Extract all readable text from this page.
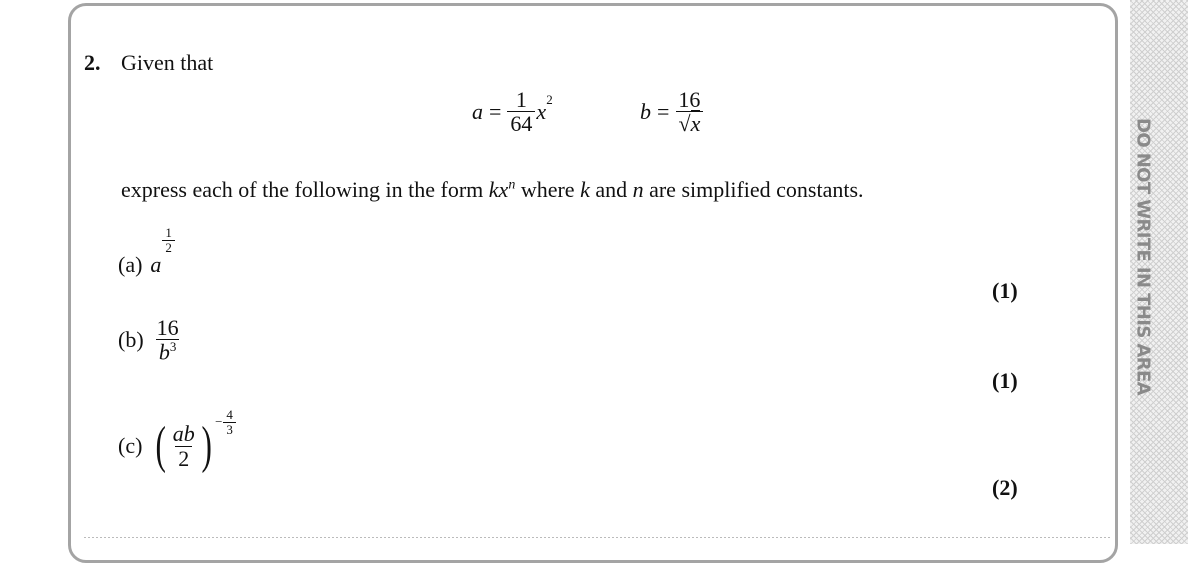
DO NOT WRITE IN THIS AREA
2. Given that
$a = \frac{1}{64}$ x 2	$b = \frac{16}{√x}$
express each of the following in the form $kx^n$ where k and n are simplified constants.
(a) a
$\frac{1}{2}$
(1)
$(b) \frac{16}{b^3}$
(1)
(c) ( $\frac{ab}{2}$ ) − $\frac{4}{3}$
(2)
